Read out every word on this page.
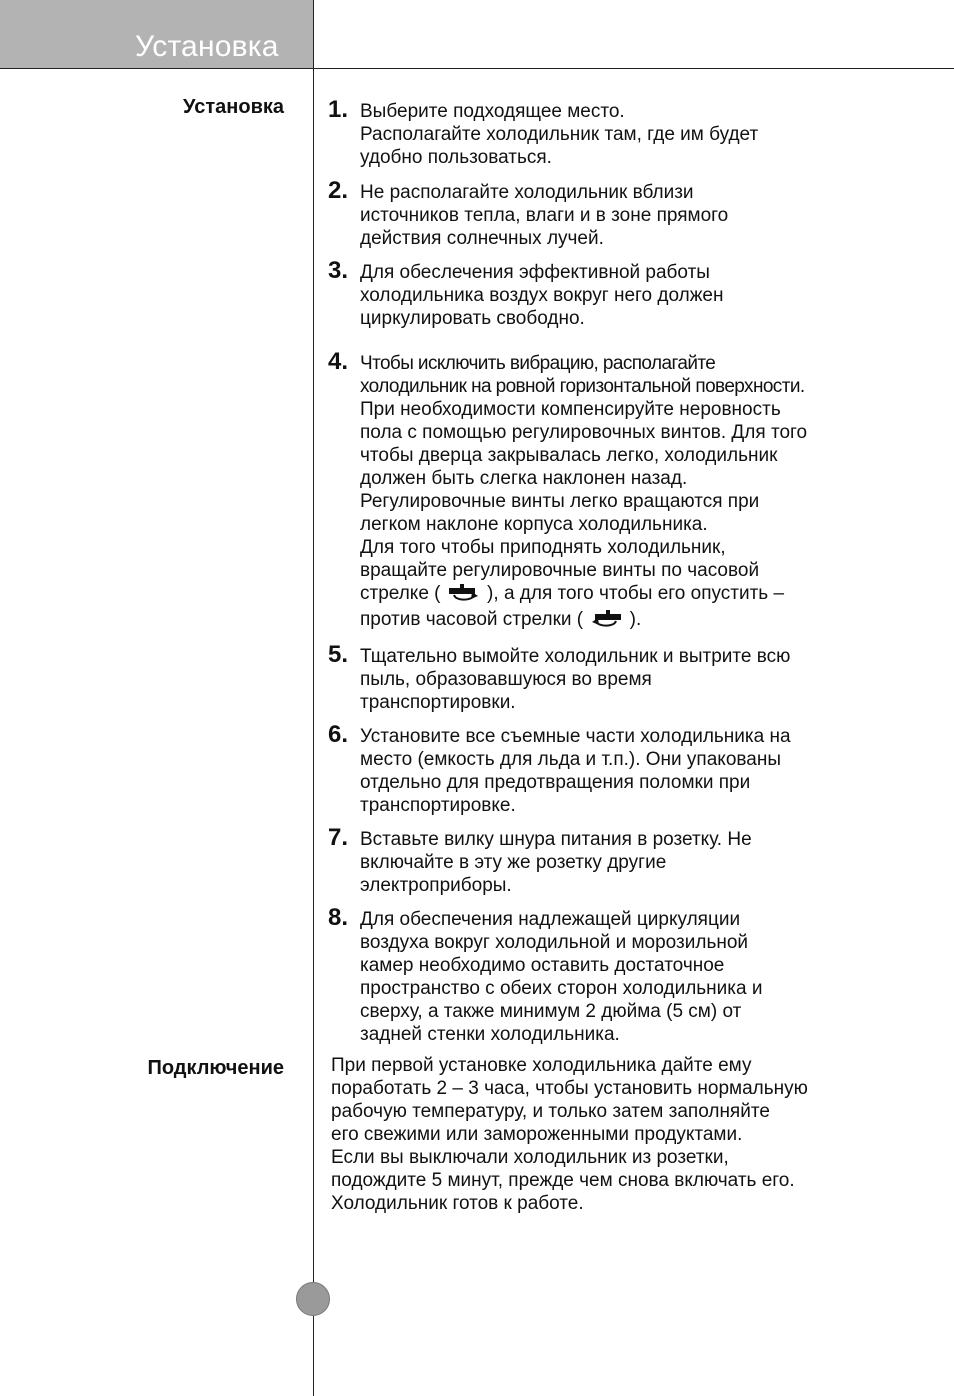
Установка
Установка
Подключение
1. Выберите подходящее место.
Располагайте холодильник там, где им будет
удобно пользоваться.
2. Не располагайте холодильник вблизи
источников тепла, влаги и в зоне прямого
действия солнечных лучей.
3. Для обеслечения эффективной работы
холодильника воздух вокруг него должен
циркулировать свободно.
4. Чтобы исключить вибрацию, располагайте
холодильник на ровной горизонтальной поверхности.
При необходимости компенсируйте неровность
пола с помощью регулировочных винтов. Для того
чтобы дверца закрывалась легко, холодильник
должен быть слегка наклонен назад.
Регулировочные винты легко вращаются при
легком наклоне корпуса холодильника.
Для того чтобы приподнять холодильник,
вращайте регулировочные винты по часовой
стрелке (  ), а для того чтобы его опустить –
против часовой стрелки (  ).
5. Тщательно вымойте холодильник и вытрите всю
пыль, образовавшуюся во время
транспортировки.
6. Установите все съемные части холодильника на
место (емкость для льда и т.п.). Они упакованы
отдельно для предотвращения поломки при
транспортировке.
7. Вставьте вилку шнура питания в розетку. Не
включайте в эту же розетку другие
электроприборы.
8. Для обеспечения надлежащей циркуляции
воздуха вокруг холодильной и морозильной
камер необходимо оставить достаточное
пространство с обеих сторон холодильника и
сверху, а также минимум 2 дюйма (5 см) от
задней стенки холодильника.
При первой установке холодильника дайте ему
поработать 2 – 3 часа, чтобы установить нормальную
рабочую температуру, и только затем заполняйте
его свежими или замороженными продуктами.
Если вы выключали холодильник из розетки,
подождите 5 минут, прежде чем снова включать его.
Холодильник готов к работе.
